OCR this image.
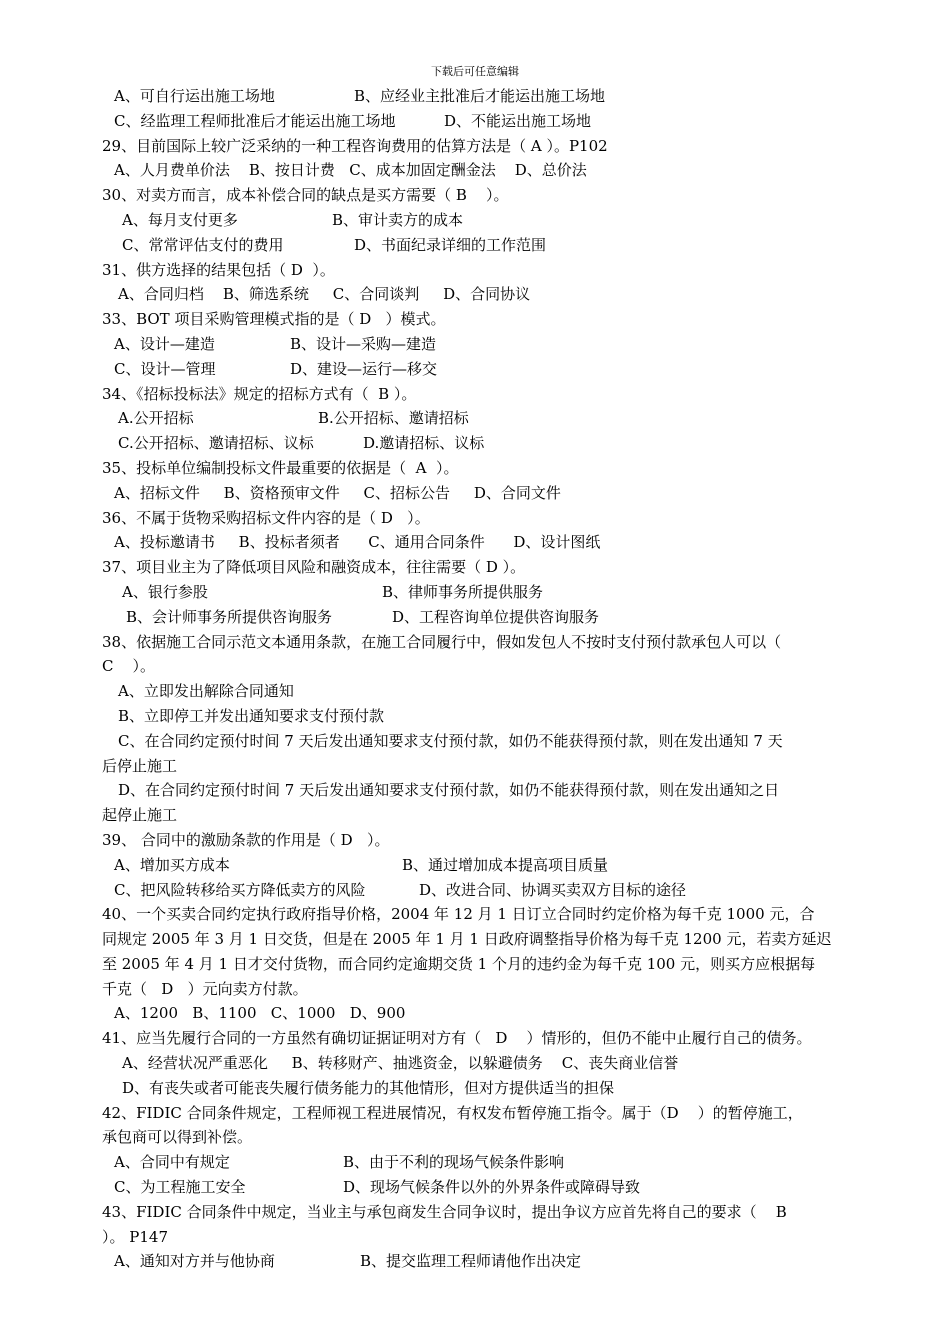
下载后可任意编辑
A、可自行运出施工场地	B、应经业主批准后才能运出施工场地
C、经监理工程师批准后才能运出施工场地	D、不能运出施工场地
29、目前国际上较广泛采纳的一种工程咨询费用的估算方法是（ A ）。P102
A、人月费单价法    B、按日计费   C、成本加固定酬金法    D、总价法
30、对卖方而言，成本补偿合同的缺点是买方需要（ B    ）。
A、每月支付更多	B、审计卖方的成本
C、常常评估支付的费用	D、书面纪录详细的工作范围
31、供方选择的结果包括（ D  ）。
A、合同归档    B、筛选系统     C、合同谈判     D、合同协议
33、BOT 项目采购管理模式指的是（ D   ）模式。
A、设计—建造	B、设计—采购—建造
C、设计—管理	D、建设—运行—移交
34、《招标投标法》规定的招标方式有（  B ）。
A.公开招标	B.公开招标、邀请招标
C.公开招标、邀请招标、议标	D.邀请招标、议标
35、投标单位编制投标文件最重要的依据是（  A  ）。
A、招标文件     B、资格预审文件     C、招标公告     D、合同文件
36、不属于货物采购招标文件内容的是（ D   ）。
A、投标邀请书     B、投标者须者      C、通用合同条件      D、设计图纸
37、项目业主为了降低项目风险和融资成本，往往需要（ D ）。
A、银行参股	B、律师事务所提供服务
B、会计师事务所提供咨询服务	D、工程咨询单位提供咨询服务
38、依据施工合同示范文本通用条款，在施工合同履行中，假如发包人不按时支付预付款承包人可以（
C    ）。
A、立即发出解除合同通知
B、立即停工并发出通知要求支付预付款
C、在合同约定预付时间 7 天后发出通知要求支付预付款，如仍不能获得预付款，则在发出通知 7 天
后停止施工
D、在合同约定预付时间 7 天后发出通知要求支付预付款，如仍不能获得预付款，则在发出通知之日
起停止施工
39、 合同中的激励条款的作用是（ D   ）。
A、增加买方成本	B、通过增加成本提高项目质量
C、把风险转移给买方降低卖方的风险	D、改进合同、协调买卖双方目标的途径
40、一个买卖合同约定执行政府指导价格，2004 年 12 月 1 日订立合同时约定价格为每千克 1000 元，合
同规定 2005 年 3 月 1 日交货，但是在 2005 年 1 月 1 日政府调整指导价格为每千克 1200 元，若卖方延迟
至 2005 年 4 月 1 日才交付货物，而合同约定逾期交货 1 个月的违约金为每千克 100 元，则买方应根据每
千克（   D   ）元向卖方付款。
A、1200   B、1100   C、1000   D、900
41、应当先履行合同的一方虽然有确切证据证明对方有（   D    ）情形的，但仍不能中止履行自己的债务。
A、经营状况严重恶化     B、转移财产、抽逃资金，以躲避债务    C、丧失商业信誉
D、有丧失或者可能丧失履行债务能力的其他情形，但对方提供适当的担保
42、FIDIC 合同条件规定，工程师视工程进展情况，有权发布暂停施工指令。属于（D    ）的暂停施工，
承包商可以得到补偿。
A、合同中有规定	B、由于不利的现场气候条件影响
C、为工程施工安全	D、现场气候条件以外的外界条件或障碍导致
43、FIDIC 合同条件中规定，当业主与承包商发生合同争议时，提出争议方应首先将自己的要求（    B
）。 P147
A、通知对方并与他协商	B、提交监理工程师请他作出决定
